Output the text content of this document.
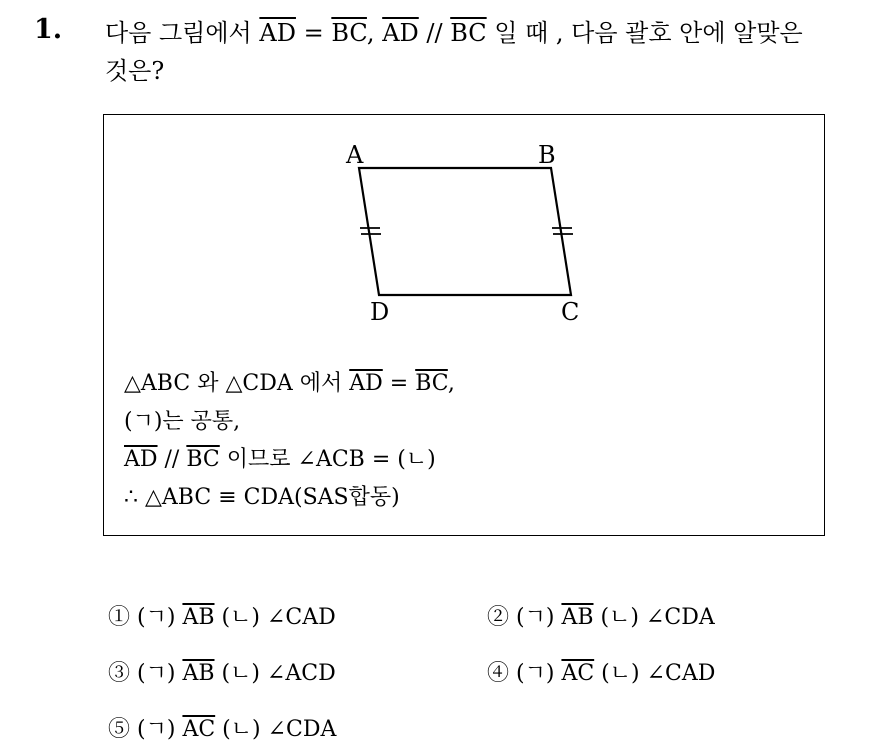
1. 다음 그림에서 $\overline{AD} = \overline{BC}$, $\overline{AD} // \overline{BC}$ 일 때 , 다음 괄호 안에 알맞은
것은?
A	B
C
D
△ABC 와 △CDA 에서 $\overline{AD} = \overline{BC}$,
(ㄱ)는 공통,
$\overline{AD} // \overline{BC}$ 이므로 ∠ACB = (ㄴ)
∴ △ABC ≡ CDA(SAS합동)
① (ㄱ) $\overline{AB}$ (ㄴ) ∠CAD	② (ㄱ) $\overline{AB}$ (ㄴ) ∠CDA
③ (ㄱ) $\overline{AB}$ (ㄴ) ∠ACD	④ (ㄱ) $\overline{AC}$ (ㄴ) ∠CAD
⑤ (ㄱ) $\overline{AC}$ (ㄴ) ∠CDA
